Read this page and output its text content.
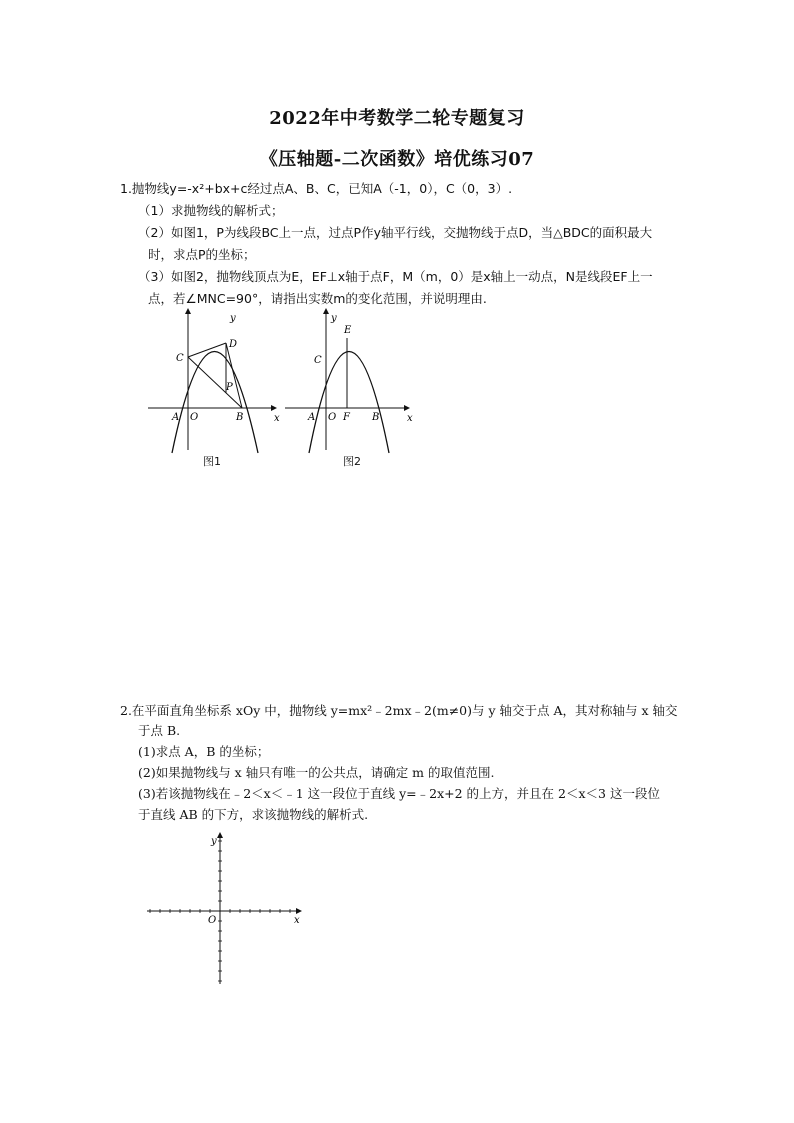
2022年中考数学二轮专题复习
《压轴题-二次函数》培优练习07
1.抛物线y=-x²+bx+c经过点A、B、C，已知A（-1，0），C（0，3）.
（1）求抛物线的解析式；
（2）如图1，P为线段BC上一点，过点P作y轴平行线，交抛物线于点D，当△BDC的面积最大
时，求点P的坐标；
（3）如图2，抛物线顶点为E，EF⊥x轴于点F，M（m，0）是x轴上一动点，N是线段EF上一
点，若∠MNC=90°，请指出实数m的变化范围，并说明理由.
y
x
C
D
P
A O	B
图1
y
x
E
C
A O F B
图2
2.在平面直角坐标系 xOy 中，抛物线 y=mx²﹣2mx﹣2(m≠0)与 y 轴交于点 A，其对称轴与 x 轴交
于点 B.
(1)求点 A，B 的坐标；
(2)如果抛物线与 x 轴只有唯一的公共点，请确定 m 的取值范围.
(3)若该抛物线在﹣2＜x＜﹣1 这一段位于直线 y=﹣2x+2 的上方，并且在 2＜x＜3 这一段位
于直线 AB 的下方，求该抛物线的解析式.
y
x
O
